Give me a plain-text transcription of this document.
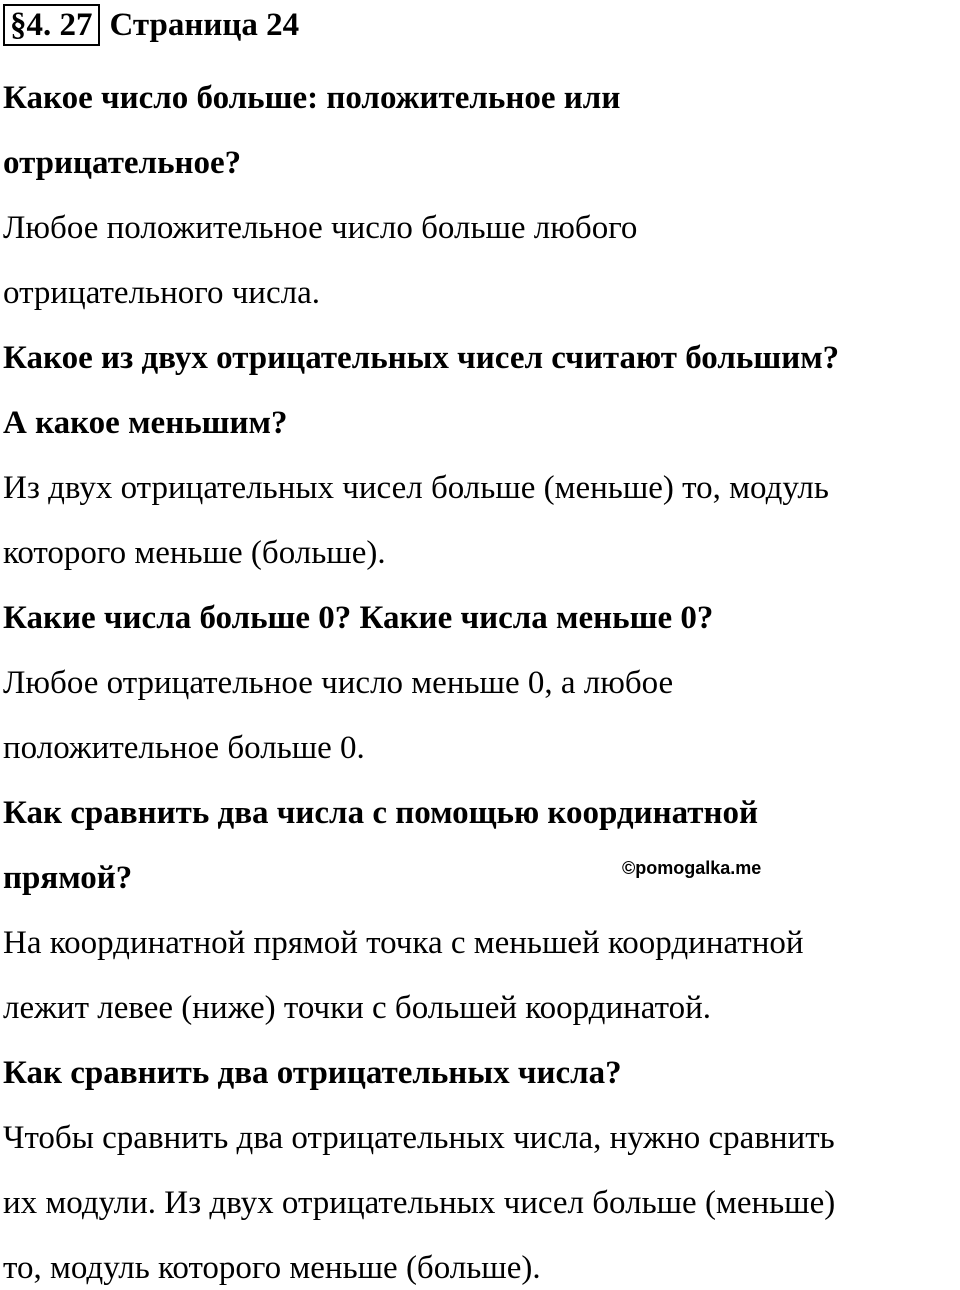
§4. 27 Страница 24
Какое число больше: положительное или
отрицательное?
Любое положительное число больше любого
отрицательного числа.
Какое из двух отрицательных чисел считают большим?
А какое меньшим?
Из двух отрицательных чисел больше (меньше) то, модуль
которого меньше (больше).
Какие числа больше 0? Какие числа меньше 0?
Любое отрицательное число меньше 0, а любое
положительное больше 0.
Как сравнить два числа с помощью координатной
прямой?
На координатной прямой точка с меньшей координатной
лежит левее (ниже) точки с большей координатой.
Как сравнить два отрицательных числа?
Чтобы сравнить два отрицательных числа, нужно сравнить
их модули. Из двух отрицательных чисел больше (меньше)
то, модуль которого меньше (больше).
©pomogalka.me
